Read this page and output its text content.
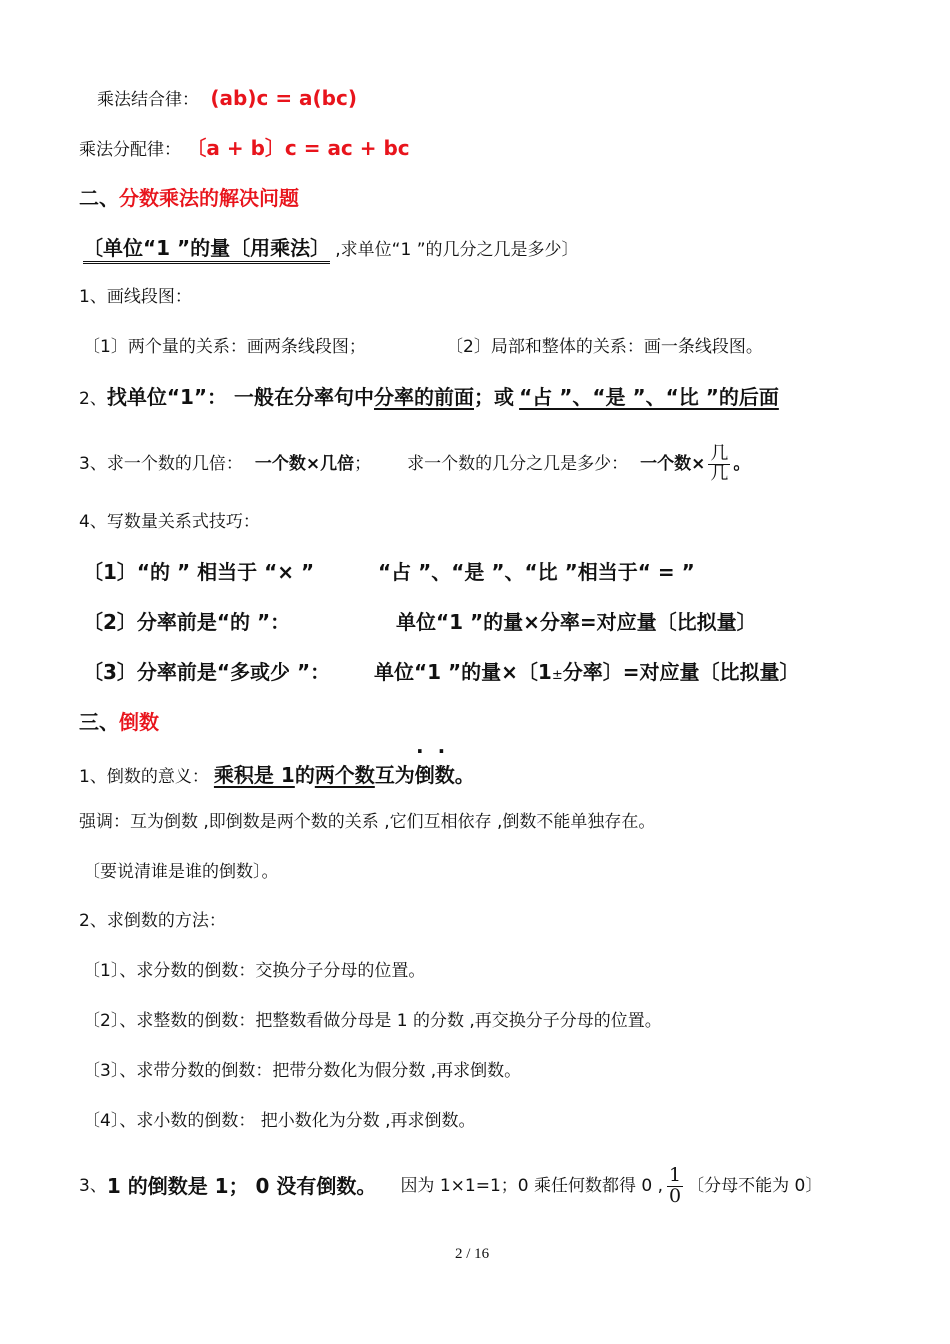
乘法结合律： (ab)c = a(bc)
乘法分配律： 〔a + b〕c = ac + bc
二、分数乘法的解决问题
〔单位“1 ”的量〔用乘法〕 ,求单位“1 ”的几分之几是多少〕
1、画线段图：
〔1〕两个量的关系：画两条线段图；	〔2〕局部和整体的关系：画一条线段图。
2、找单位“1”： 一般在分率句中分率的前面；或 “占 ”、“是 ”、“比 ”的后面
3、求一个数的几倍： 一个数×几倍 ； 求一个数的几分之几是多少： 一个数× $\frac{\text{几}}{\text{几}}$ 。
4、写数量关系式技巧：
〔1〕“的 ” 相当于 “× ”	“占 ”、“是 ”、“比 ”相当于“ = ”
〔2〕分率前是“的 ”：	单位“1 ”的量×分率=对应量〔比拟量〕
〔3〕分率前是“多或少 ”： 单位“1 ”的量×〔1±分率〕=对应量〔比拟量〕
三、倒数
··
1、倒数的意义： 乘积是 1的两个数互为倒数。
强调：互为倒数 ,即倒数是两个数的关系 ,它们互相依存 ,倒数不能单独存在。
〔要说清谁是谁的倒数〕。
2、求倒数的方法：
〔1〕、求分数的倒数：交换分子分母的位置。
〔2〕、求整数的倒数：把整数看做分母是 1 的分数 ,再交换分子分母的位置。
〔3〕、求带分数的倒数：把带分数化为假分数 ,再求倒数。
〔4〕、求小数的倒数： 把小数化为分数 ,再求倒数。
3、 1 的倒数是 1； 0 没有倒数。 因为 1×1=1；0 乘任何数都得 0 , $\frac{1}{0}$ 〔分母不能为 0〕
2 / 16
